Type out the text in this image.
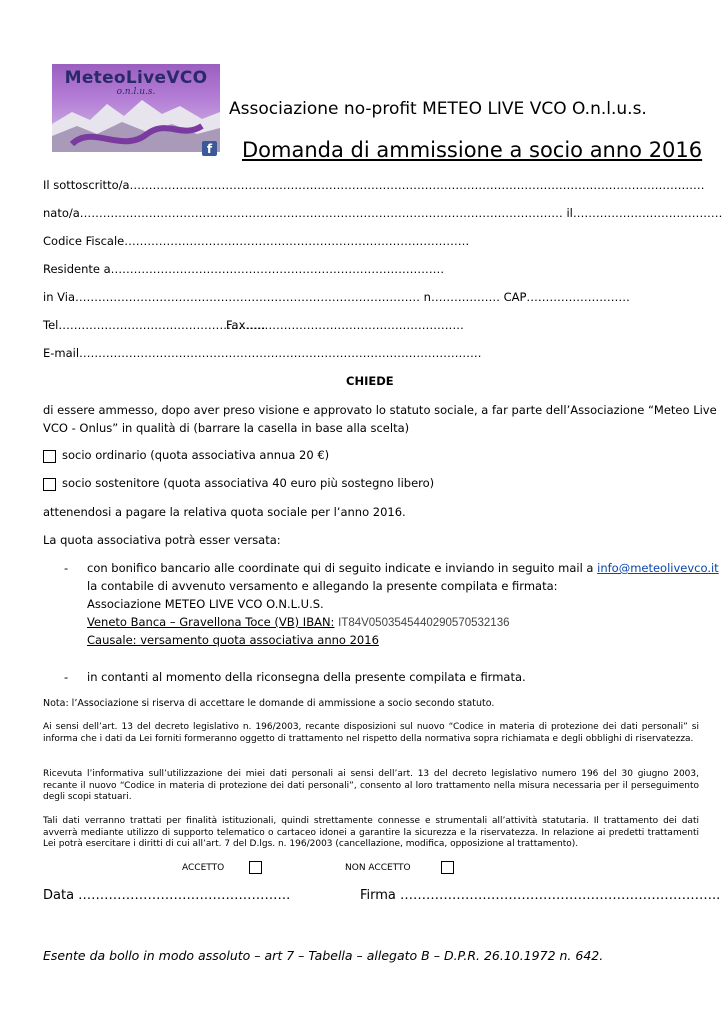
MeteoLiveVCO
o.n.l.u.s.
f
Associazione no-profit METEO LIVE VCO O.n.l.u.s.
Domanda di ammissione a socio anno 2016
Il sottoscritto/a……………………………………………………………………………………………………………………………………
nato/a……………………………………………………………………………………………………………… il…………………………………
Codice Fiscale………………………………………………………………………………
Residente a……………………………………………………………………………
in Via……………………………………………………………………………… n……………… CAP………………………
Tel………………………………………………
Fax…………………………………………………
E-mail……………………………………………………………………………………………
CHIEDE
di essere ammesso, dopo aver preso visione e approvato lo statuto sociale, a far parte dell’Associazione “Meteo Live
VCO - Onlus” in qualità di (barrare la casella in base alla scelta)
socio ordinario (quota associativa annua 20 €)
socio sostenitore (quota associativa 40 euro più sostegno libero)
attenendosi a pagare la relativa quota sociale per l’anno 2016.
La quota associativa potrà esser versata:
- con bonifico bancario alle coordinate qui di seguito indicate e inviando in seguito mail a info@meteolivevco.it
la contabile di avvenuto versamento e allegando la presente compilata e firmata:
Associazione METEO LIVE VCO O.N.L.U.S.
Veneto Banca – Gravellona Toce (VB) IBAN: IT84V0503545440290570532136
Causale: versamento quota associativa anno 2016
- in contanti al momento della riconsegna della presente compilata e firmata.
Nota: l’Associazione si riserva di accettare le domande di ammissione a socio secondo statuto.
Ai sensi dell’art. 13 del decreto legislativo n. 196/2003, recante disposizioni sul nuovo “Codice in materia di protezione dei dati personali” si informa che i dati da Lei forniti formeranno oggetto di trattamento nel rispetto della normativa sopra richiamata e degli obblighi di riservatezza.
Ricevuta l’informativa sull’utilizzazione dei miei dati personali ai sensi dell’art. 13 del decreto legislativo numero 196 del 30 giugno 2003, recante il nuovo “Codice in materia di protezione dei dati personali”, consento al loro trattamento nella misura necessaria per il perseguimento degli scopi statuari.
Tali dati verranno trattati per finalità istituzionali, quindi strettamente connesse e strumentali all’attività statutaria. Il trattamento dei dati avverrà mediante utilizzo di supporto telematico o cartaceo idonei a garantire la sicurezza e la riservatezza. In relazione ai predetti trattamenti Lei potrà esercitare i diritti di cui all’art. 7 del D.lgs. n. 196/2003 (cancellazione, modifica, opposizione al trattamento).
ACCETTO	NON ACCETTO
Data ………………………………………….	Firma ………………………………………………………………..
Esente da bollo in modo assoluto – art 7 – Tabella – allegato B – D.P.R. 26.10.1972 n. 642.
